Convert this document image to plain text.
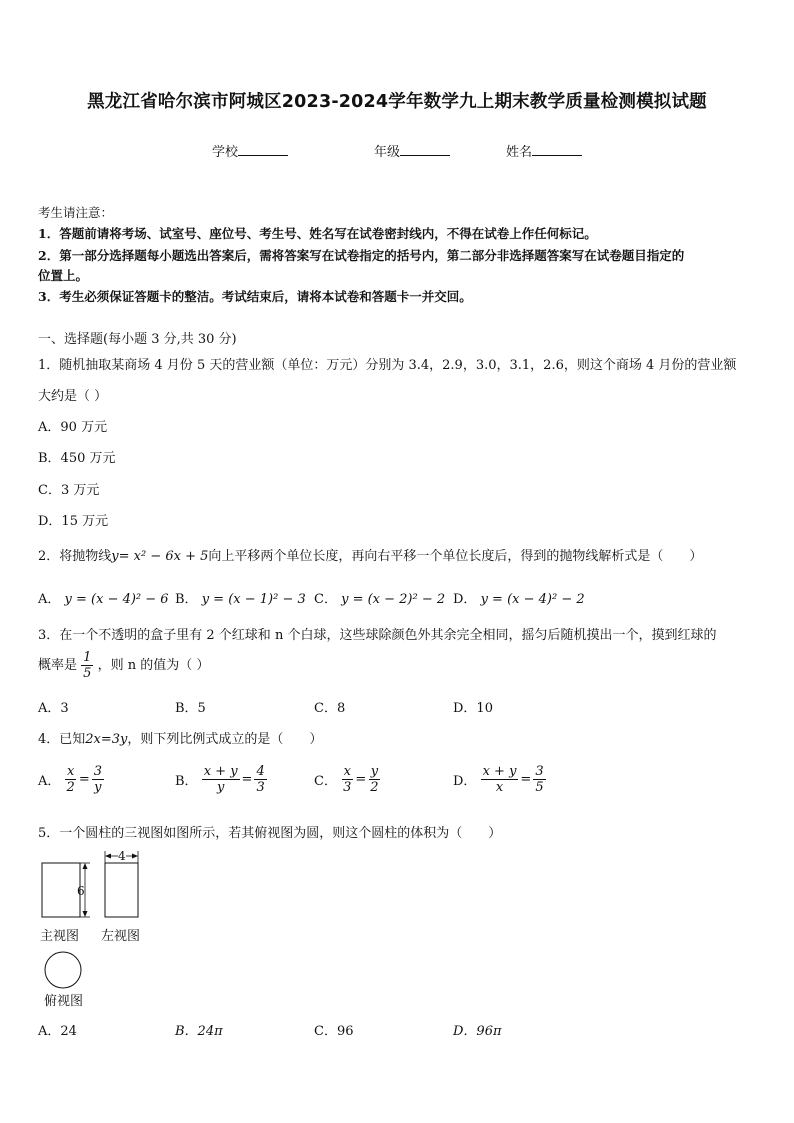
黑龙江省哈尔滨市阿城区2023-2024学年数学九上期末教学质量检测模拟试题
学校	年级	姓名
考生请注意：
1．答题前请将考场、试室号、座位号、考生号、姓名写在试卷密封线内，不得在试卷上作任何标记。
2．第一部分选择题每小题选出答案后，需将答案写在试卷指定的括号内，第二部分非选择题答案写在试卷题目指定的
位置上。
3．考生必须保证答题卡的整洁。考试结束后，请将本试卷和答题卡一并交回。
一、选择题(每小题 3 分,共 30 分)
1．随机抽取某商场 4 月份 5 天的营业额（单位：万元）分别为 3.4，2.9，3.0，3.1，2.6，则这个商场 4 月份的营业额
大约是（ ）
A．90 万元
B．450 万元
C．3 万元
D．15 万元
2．将抛物线y= x² − 6x + 5向上平移两个单位长度，再向右平移一个单位长度后，得到的抛物线解析式是（　　）
A． y = (x − 4)² − 6 B． y = (x − 1)² − 3 C． y = (x − 2)² − 2 D． y = (x − 4)² − 2
3．在一个不透明的盒子里有 2 个红球和 n 个白球，这些球除颜色外其余完全相同，摇匀后随机摸出一个，摸到红球的
概率是 $\frac{1}{5}$ ，则 n 的值为（ ）
A．3	B．5	C．8	D．10
4．已知2x=3y，则下列比例式成立的是（　　）
A． $\frac{x}{2} = \frac{3}{y}$	B． $\frac{x + y}{y} = \frac{4}{3}$	C． $\frac{x}{3} = \frac{y}{2}$	D． $\frac{x + y}{x} = \frac{3}{5}$
5．一个圆柱的三视图如图所示，若其俯视图为圆，则这个圆柱的体积为（　　）
6
4
主视图 左视图
俯视图
A．24	B．24π	C．96	D．96π
